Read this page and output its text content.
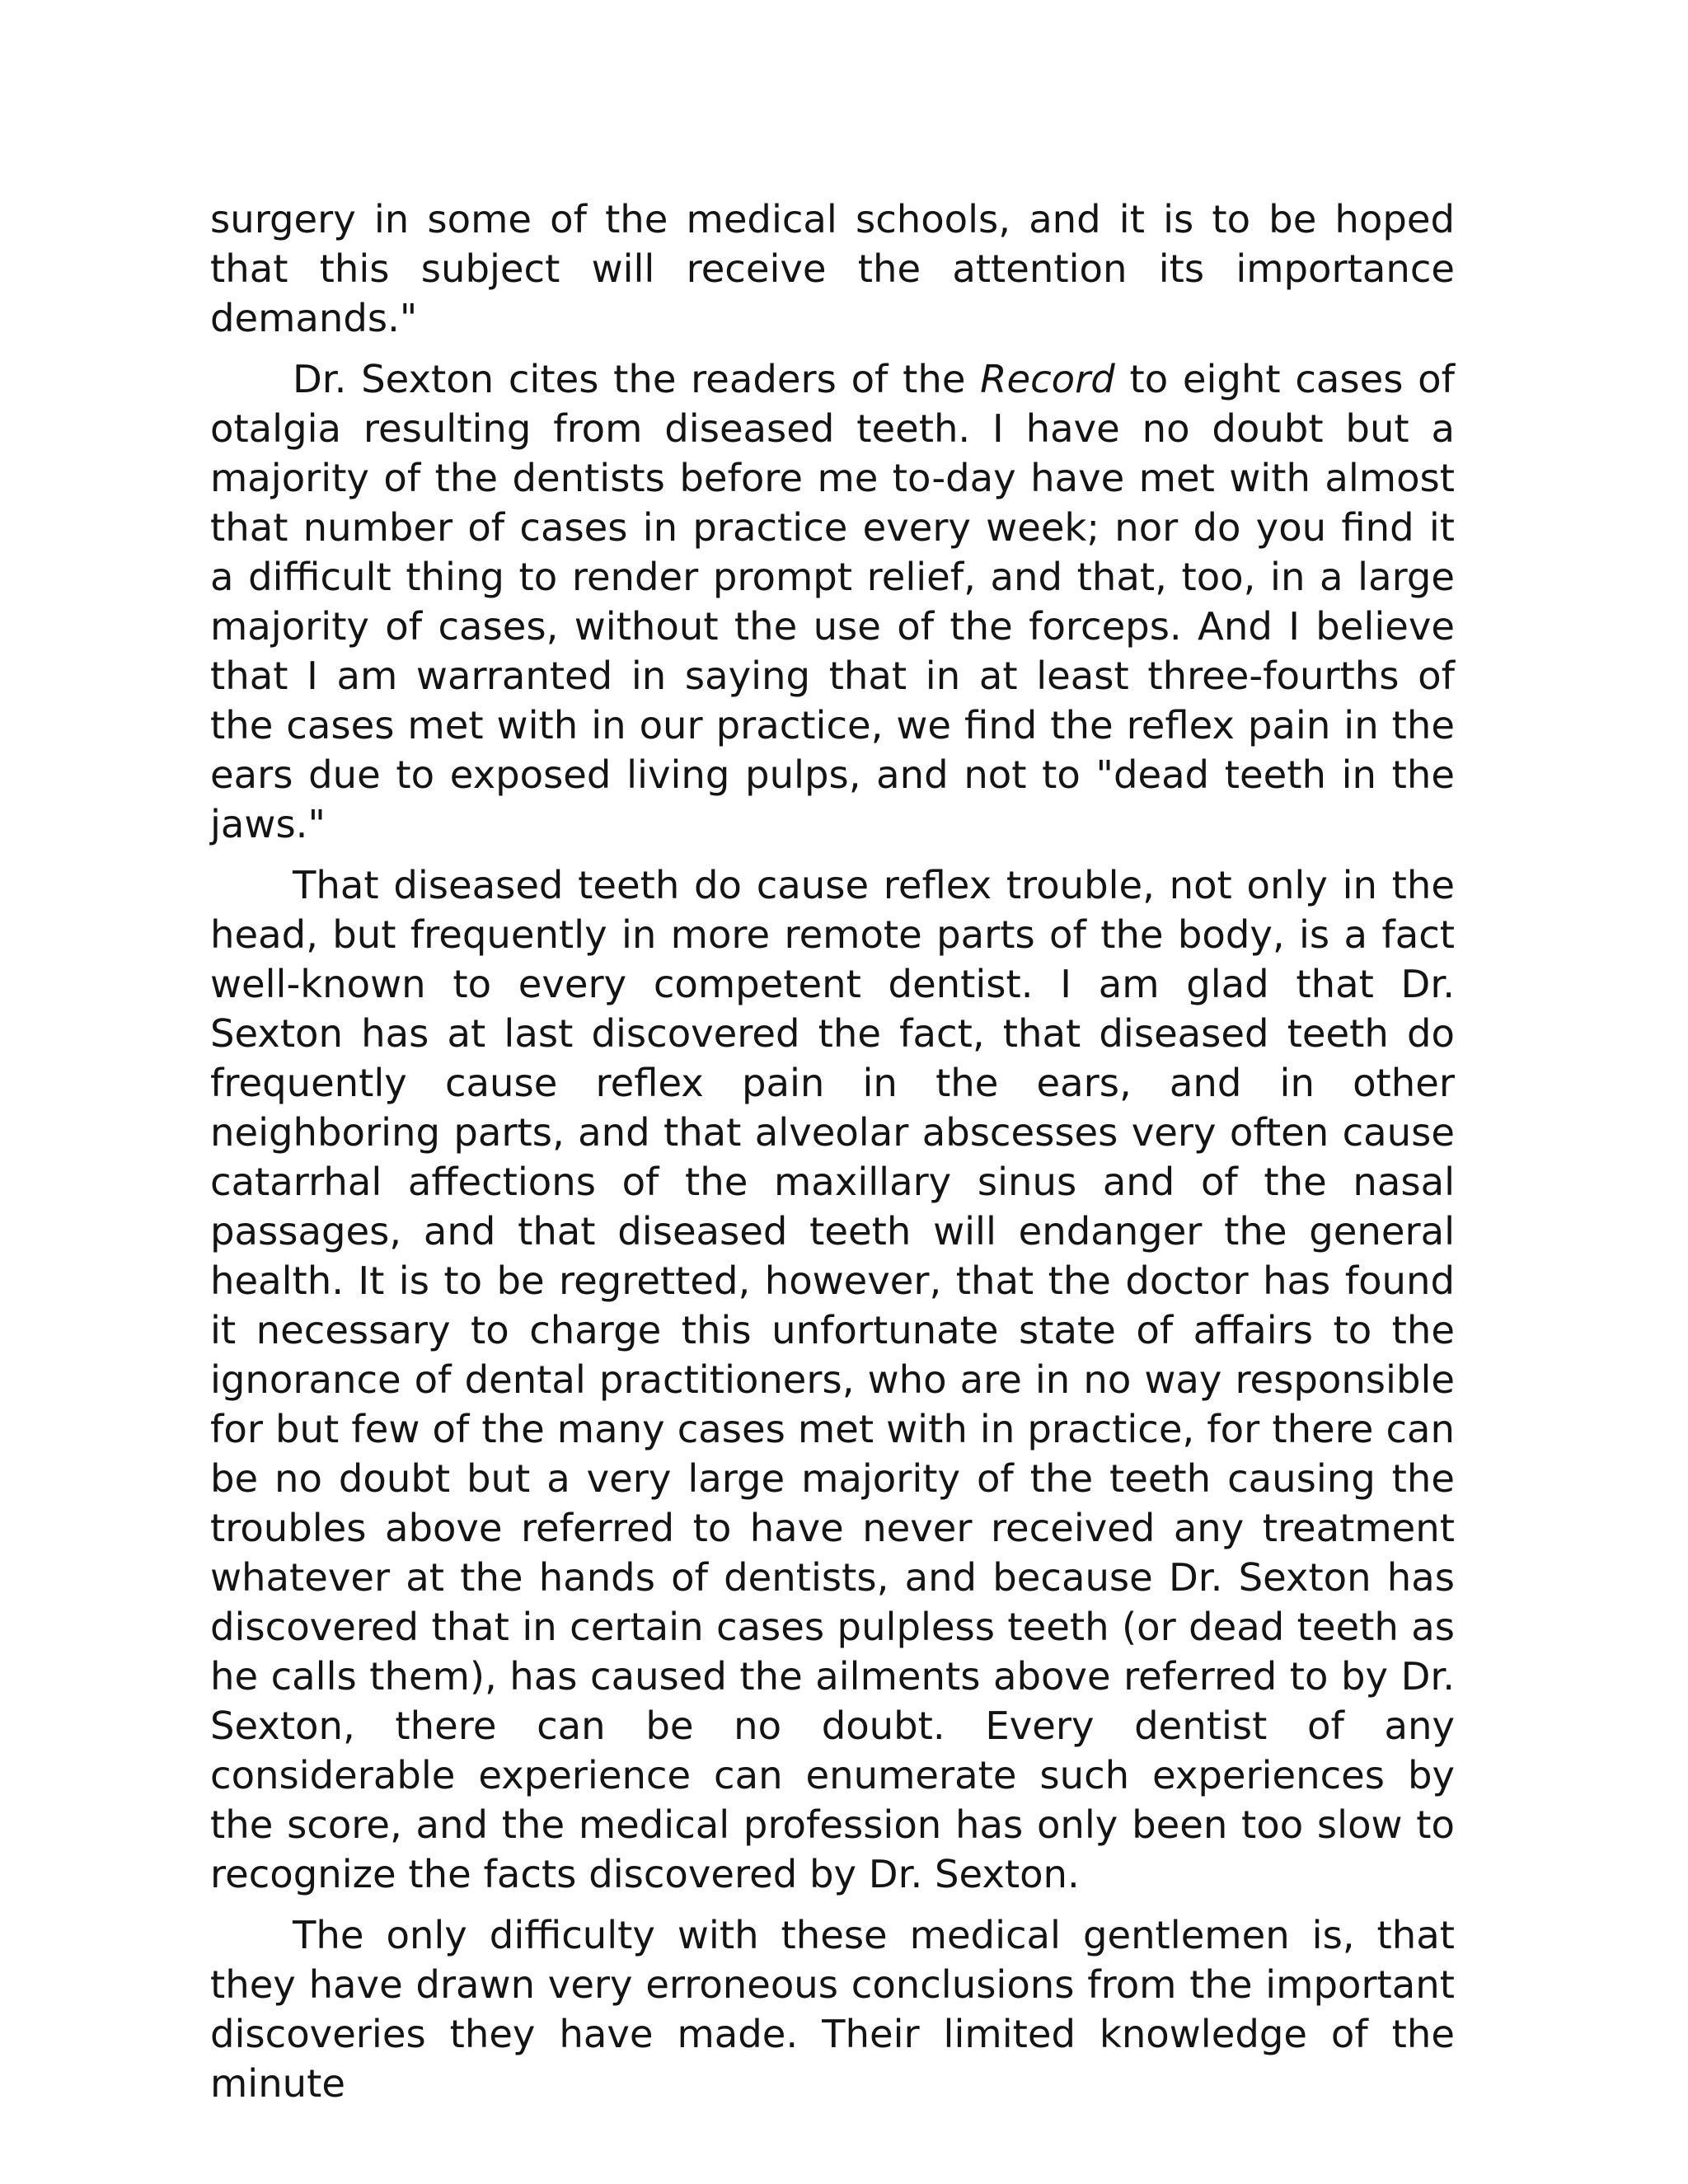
surgery in some of the medical schools, and it is to be hoped that this subject will receive the attention its importance demands."

Dr. Sexton cites the readers of the Record to eight cases of otalgia resulting from diseased teeth. I have no doubt but a majority of the dentists before me to-day have met with almost that number of cases in practice every week; nor do you find it a difficult thing to render prompt relief, and that, too, in a large majority of cases, without the use of the forceps. And I believe that I am warranted in saying that in at least three-fourths of the cases met with in our practice, we find the reflex pain in the ears due to exposed living pulps, and not to "dead teeth in the jaws."

That diseased teeth do cause reflex trouble, not only in the head, but frequently in more remote parts of the body, is a fact well-known to every competent dentist. I am glad that Dr. Sexton has at last discovered the fact, that diseased teeth do frequently cause reflex pain in the ears, and in other neighboring parts, and that alveolar abscesses very often cause catarrhal affections of the maxillary sinus and of the nasal passages, and that diseased teeth will endanger the general health. It is to be regretted, however, that the doctor has found it necessary to charge this unfortunate state of affairs to the ignorance of dental practitioners, who are in no way responsible for but few of the many cases met with in practice, for there can be no doubt but a very large majority of the teeth causing the troubles above referred to have never received any treatment whatever at the hands of dentists, and because Dr. Sexton has discovered that in certain cases pulpless teeth (or dead teeth as he calls them), has caused the ailments above referred to by Dr. Sexton, there can be no doubt. Every dentist of any considerable experience can enumerate such experiences by the score, and the medical profession has only been too slow to recognize the facts discovered by Dr. Sexton.

The only difficulty with these medical gentlemen is, that they have drawn very erroneous conclusions from the important discoveries they have made. Their limited knowledge of the minute
